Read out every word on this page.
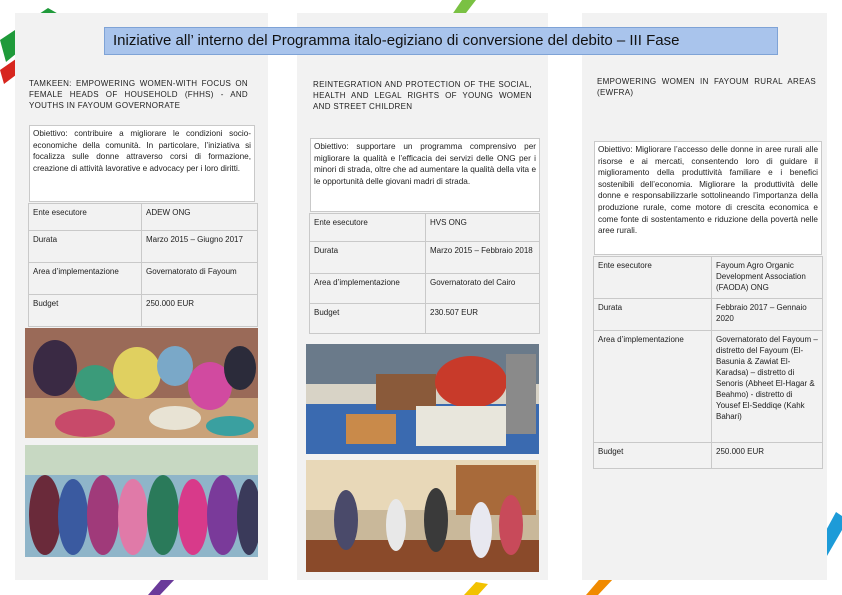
Iniziative all’ interno del Programma italo-egiziano di conversione del debito – III Fase
TAMKEEN: EMPOWERING WOMEN-WITH FOCUS ON FEMALE HEADS OF HOUSEHOLD (FHHS) - AND YOUTHS IN FAYOUM GOVERNORATE
Obiettivo: contribuire a migliorare le condizioni socio-economiche della comunità. In particolare, l’iniziativa si focalizza sulle donne attraverso corsi di formazione, creazione di attività lavorative e advocacy per i loro diritti.
Ente esecutore	ADEW ONG
Durata	Marzo 2015 – Giugno 2017
Area d’implementazione	Governatorato di Fayoum
Budget	250.000 EUR
REINTEGRATION AND PROTECTION OF THE SOCIAL, HEALTH AND LEGAL RIGHTS OF YOUNG WOMEN AND STREET CHILDREN
Obiettivo: supportare un programma comprensivo per migliorare la qualità e l’efficacia dei servizi delle ONG per i minori di strada, oltre che ad aumentare la qualità della vita e le opportunità delle giovani madri di strada.
Ente esecutore	HVS ONG
Durata	Marzo 2015 – Febbraio 2018
Area d’implementazione	Governatorato del Cairo
Budget	230.507 EUR
EMPOWERING WOMEN IN FAYOUM RURAL AREAS (EWFRA)
Obiettivo: Migliorare l’accesso delle donne in aree rurali alle risorse e ai mercati, consentendo loro di guidare il miglioramento della produttività familiare e i benefici sostenibili dell’economia. Migliorare la produttività delle donne e responsabilizzarle sottolineando l’importanza della produzione rurale, come motore di crescita economica e come fonte di sostentamento e riduzione della povertà nelle aree rurali.
Ente esecutore	Fayoum Agro Organic Development Association (FAODA) ONG
Durata	Febbraio 2017 – Gennaio 2020
Area d’implementazione	Governatorato del Fayoum – distretto del Fayoum (El-Basunia & Zawiat El-Karadsa) – distretto di Senoris (Abheet El-Hagar & Beahmo) - distretto di Yousef El-Seddiqe (Kahk Bahari)
Budget	250.000 EUR
